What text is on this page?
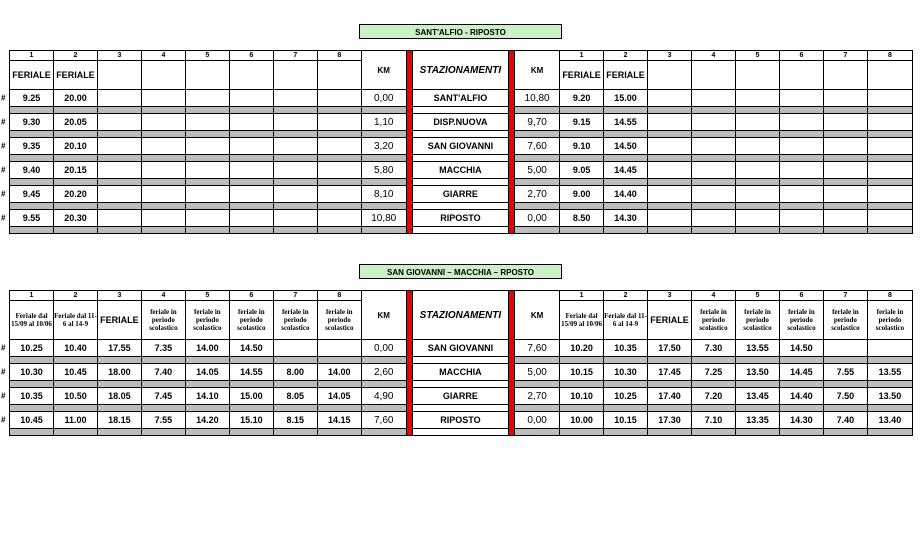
SANT'ALFIO - RIPOSTO
1	2	3	4	5	6	7	8	KM		STAZIONAMENTI		KM	1	2	3	4	5	6	7	8
FERIALE	FERIALE												FERIALE	FERIALE						

# 9.25	20.00							0,00		SANT'ALFIO		10,80	9.20	15.00						

# 9.30	20.05							1,10		DISP.NUOVA		9,70	9.15	14.55						

# 9.35	20.10							3,20		SAN GIOVANNI		7,60	9.10	14.50						

# 9.40	20.15							5,80		MACCHIA		5,00	9.05	14.45						

# 9.45	20.20							8,10		GIARRE		2,70	9.00	14.40						

# 9.55	20.30							10,80		RIPOSTO		0,00	8.50	14.30						

SAN GIOVANNI – MACCHIA – RPOSTO
1	2	3	4	5	6	7	8	KM		STAZIONAMENTI		KM	1	2	3	4	5	6	7	8
Feriale dal 15/09 al 10/06	Feriale dal 11-6 al 14-9	FERIALE	feriale in periodo scolastico	feriale in periodo scolastico	feriale in periodo scolastico	feriale in periodo scolastico	feriale in periodo scolastico						Feriale dal 15/09 al 10/06	Feriale dal 11-6 al 14-9	FERIALE	feriale in periodo scolastico	feriale in periodo scolastico	feriale in periodo scolastico	feriale in periodo scolastico	feriale in periodo scolastico

# 10.25	10.40	17.55	7.35	14.00	14.50			0,00		SAN GIOVANNI		7,60	10.20	10.35	17.50	7.30	13.55	14.50		

# 10.30	10.45	18.00	7.40	14.05	14.55	8.00	14.00	2,60		MACCHIA		5,00	10.15	10.30	17.45	7.25	13.50	14.45	7.55	13.55

# 10.35	10.50	18.05	7.45	14.10	15.00	8.05	14.05	4,90		GIARRE		2,70	10.10	10.25	17.40	7.20	13.45	14.40	7.50	13.50

# 10.45	11.00	18.15	7.55	14.20	15.10	8.15	14.15	7,60		RIPOSTO		0,00	10.00	10.15	17.30	7.10	13.35	14.30	7.40	13.40
